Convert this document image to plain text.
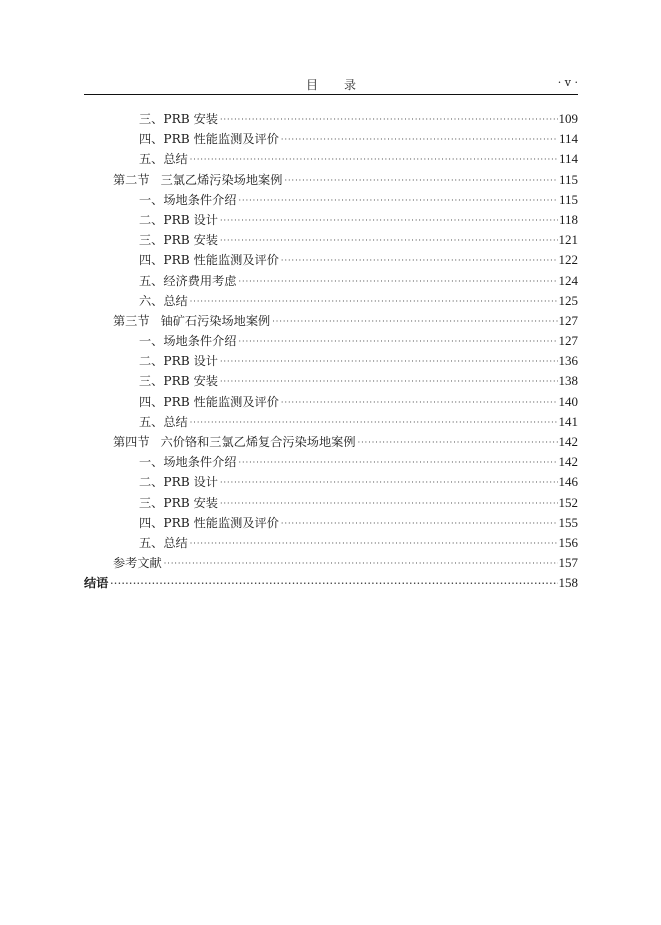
目录	· v ·
三、PRB 安装 ·····	109
四、PRB 性能监测及评价 ·····	114
五、总结 ·····	114
第二节 三氯乙烯污染场地案例 ·····	115
一、场地条件介绍 ·····	115
二、PRB 设计 ·····	118
三、PRB 安装 ·····	121
四、PRB 性能监测及评价 ·····	122
五、经济费用考虑 ·····	124
六、总结 ·····	125
第三节 铀矿石污染场地案例 ·····	127
一、场地条件介绍 ·····	127
二、PRB 设计 ·····	136
三、PRB 安装 ·····	138
四、PRB 性能监测及评价 ·····	140
五、总结 ·····	141
第四节 六价铬和三氯乙烯复合污染场地案例 ·····	142
一、场地条件介绍 ·····	142
二、PRB 设计 ·····	146
三、PRB 安装 ·····	152
四、PRB 性能监测及评价 ·····	155
五、总结 ·····	156
参考文献 ·····	157
结语 ·····	158
